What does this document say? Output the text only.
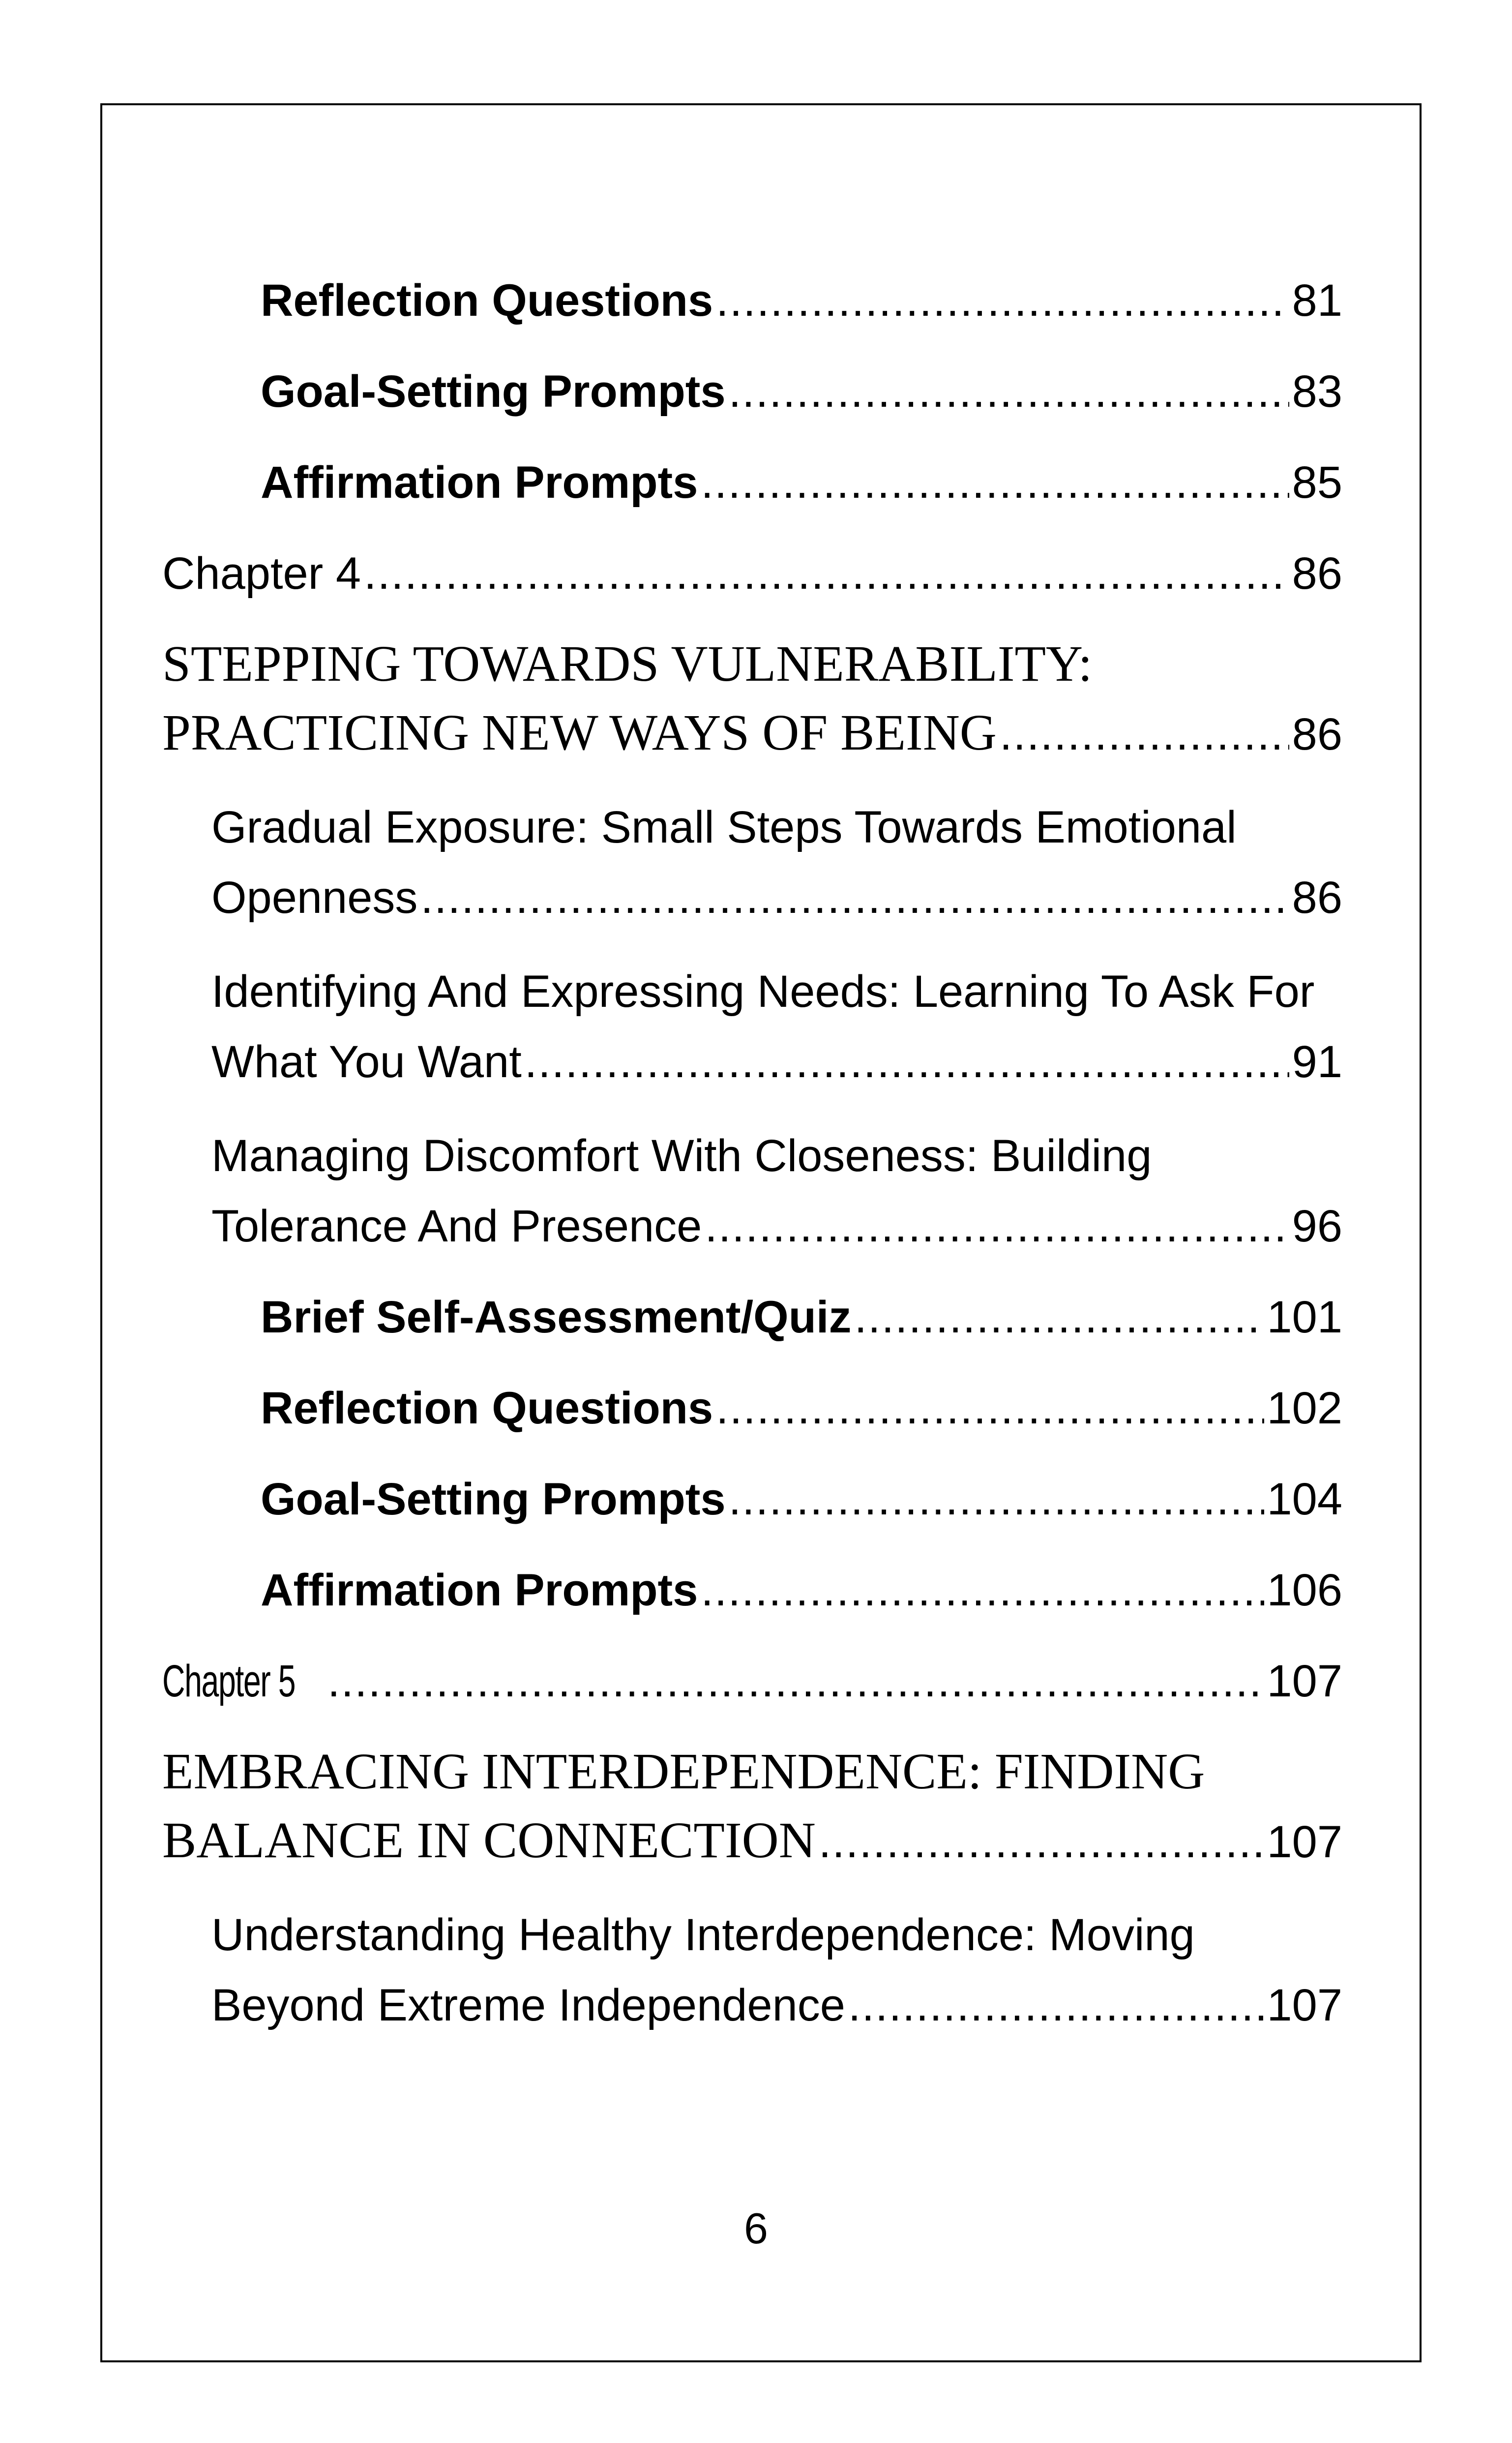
Reflection Questions .....	81
Goal-Setting Prompts .....	83
Affirmation Prompts .....	85
Chapter 4 .....	86
STEPPING TOWARDS VULNERABILITY:
PRACTICING NEW WAYS OF BEING .....	86
Gradual Exposure: Small Steps Towards Emotional
Openness .....	86
Identifying And Expressing Needs: Learning To Ask For
What You Want .....	91
Managing Discomfort With Closeness: Building
Tolerance And Presence .....	96
Brief Self-Assessment/Quiz .....	101
Reflection Questions .....	102
Goal-Setting Prompts .....	104
Affirmation Prompts .....	106
Chapter 5 .....	107
EMBRACING INTERDEPENDENCE: FINDING
BALANCE IN CONNECTION .....	107
Understanding Healthy Interdependence: Moving
Beyond Extreme Independence .....	107
6
